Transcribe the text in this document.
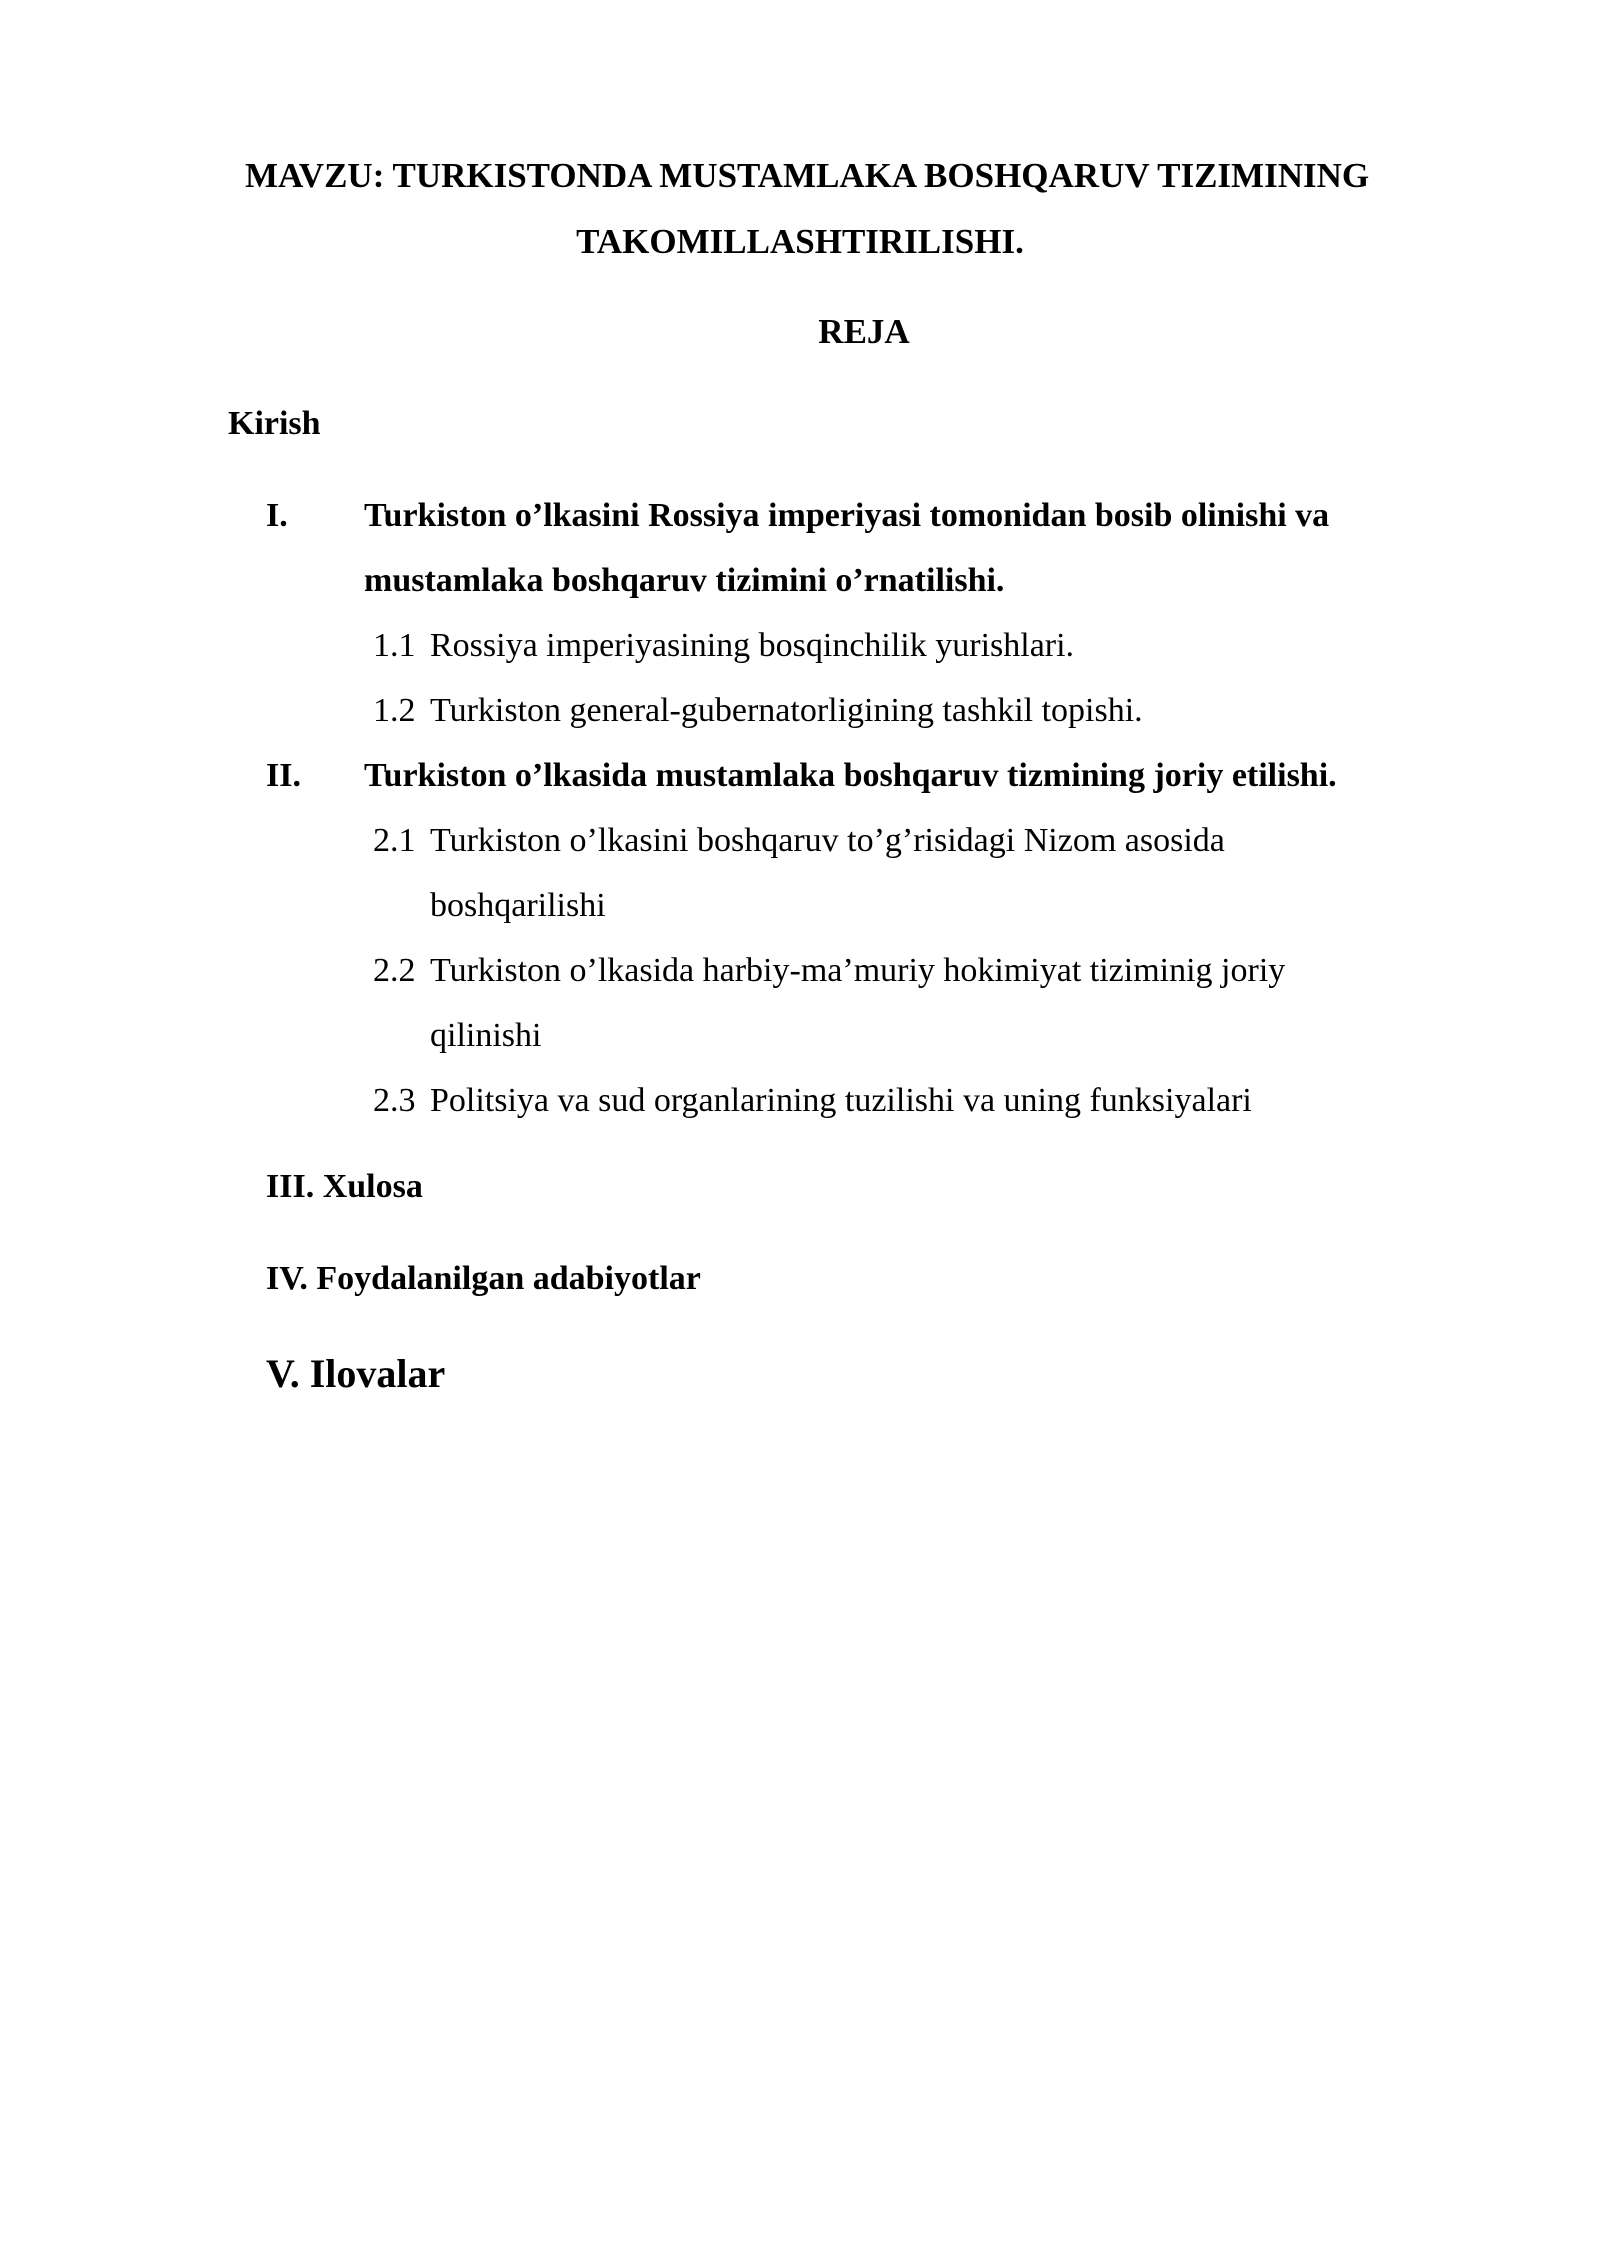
MAVZU: TURKISTONDA MUSTAMLAKA BOSHQARUV TIZIMINING
TAKOMILLASHTIRILISHI.
REJA
Kirish
I. Turkiston o’lkasini Rossiya imperiyasi tomonidan bosib olinishi va
mustamlaka boshqaruv tizimini o’rnatilishi.
1.1 Rossiya imperiyasining bosqinchilik yurishlari.
1.2 Turkiston general-gubernatorligining tashkil topishi.
II. Turkiston o’lkasida mustamlaka boshqaruv tizmining joriy etilishi.
2.1 Turkiston o’lkasini boshqaruv to’g’risidagi Nizom asosida
boshqarilishi
2.2 Turkiston o’lkasida harbiy-ma’muriy hokimiyat tiziminig joriy
qilinishi
2.3 Politsiya va sud organlarining tuzilishi va uning funksiyalari
III. Xulosa
IV. Foydalanilgan adabiyotlar
V. Ilovalar
